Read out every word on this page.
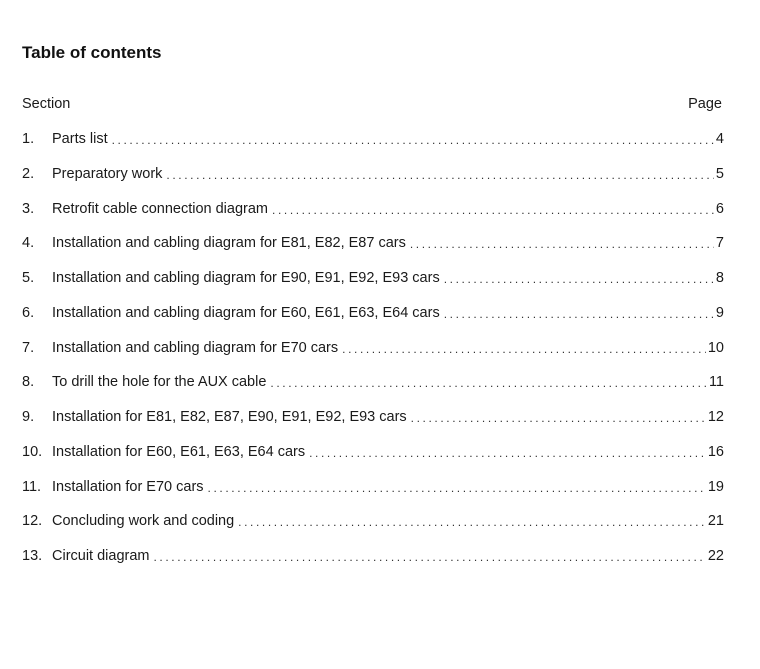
Table of contents
Section	Page
1.	Parts list .....	4
2.	Preparatory work .....	5
3.	Retrofit cable connection diagram .....	6
4.	Installation and cabling diagram for E81, E82, E87 cars .....	7
5.	Installation and cabling diagram for E90, E91, E92, E93 cars .....	8
6.	Installation and cabling diagram for E60, E61, E63, E64 cars .....	9
7.	Installation and cabling diagram for E70 cars .....	10
8.	To drill the hole for the AUX cable .....	11
9.	Installation for E81, E82, E87, E90, E91, E92, E93 cars .....	12
10. Installation for E60, E61, E63, E64 cars .....	16
11. Installation for E70 cars .....	19
12. Concluding work and coding .....	21
13. Circuit diagram .....	22
